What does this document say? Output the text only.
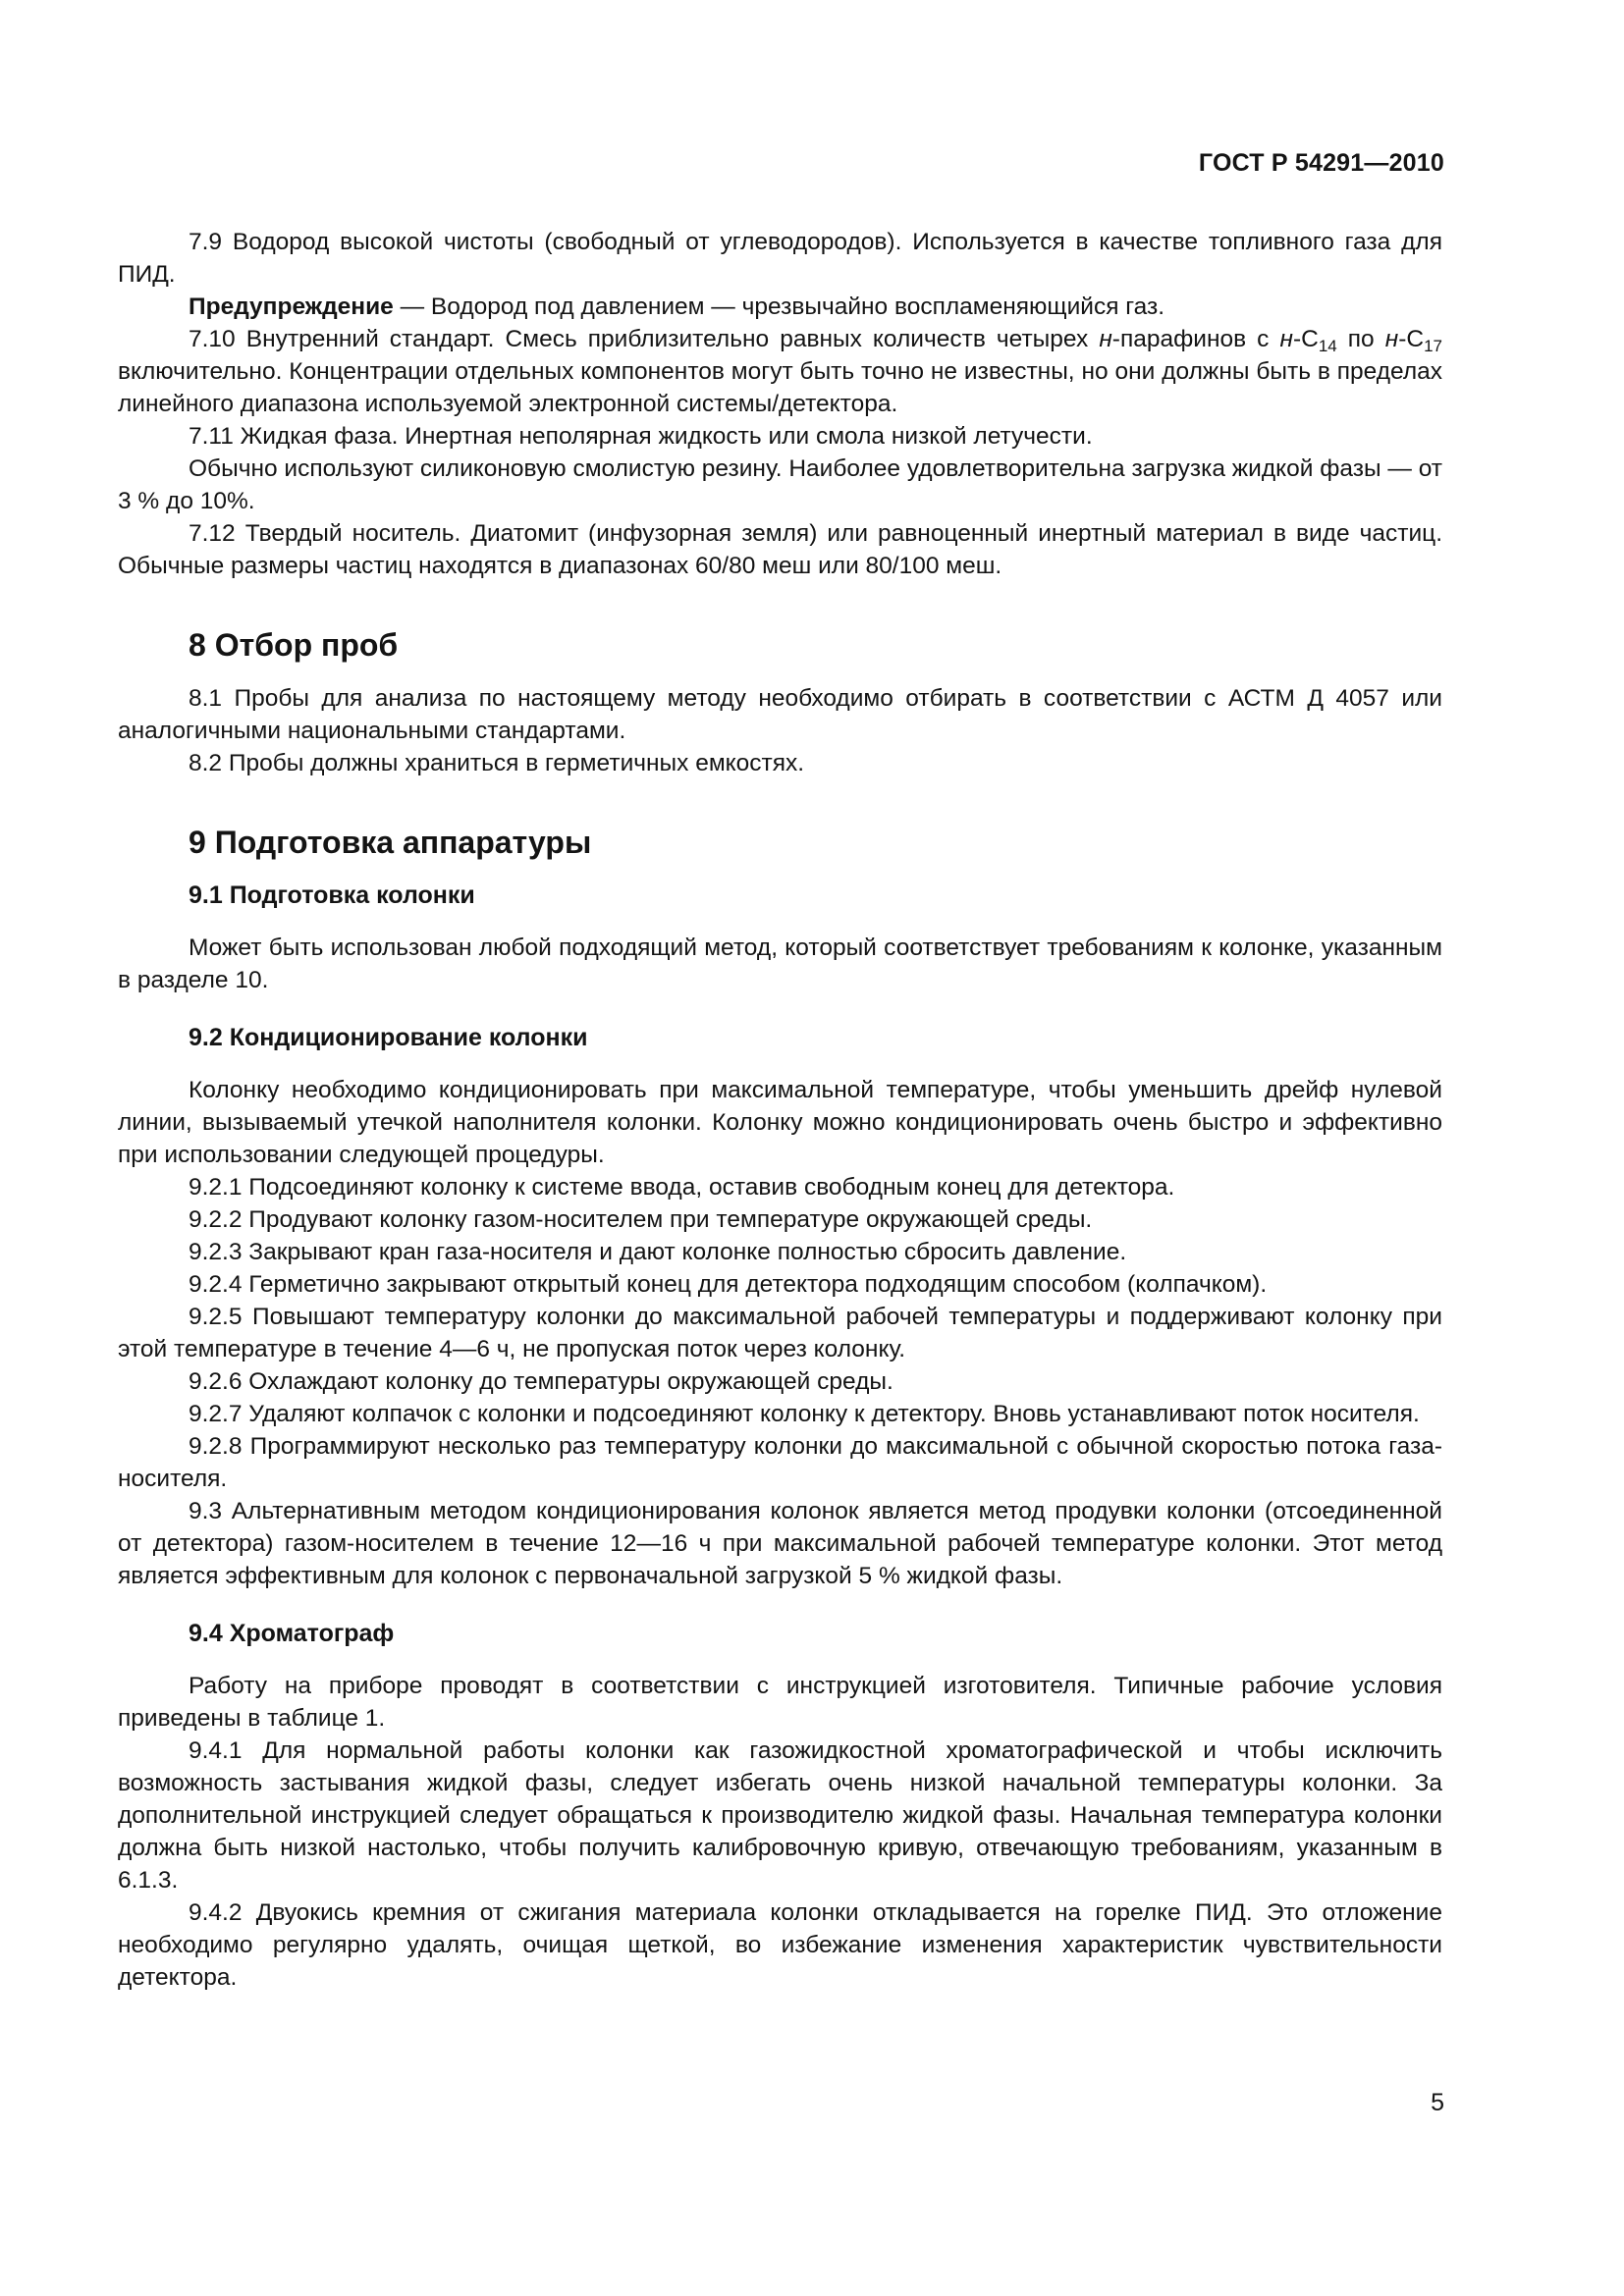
ГОСТ Р 54291—2010

7.9 Водород высокой чистоты (свободный от углеводородов). Используется в качестве топливного газа для ПИД.

Предупреждение — Водород под давлением — чрезвычайно воспламеняющийся газ.

7.10 Внутренний стандарт. Смесь приблизительно равных количеств четырех н-парафинов с $н-С_{14}$ по $н-С_{17}$ включительно. Концентрации отдельных компонентов могут быть точно не известны, но они должны быть в пределах линейного диапазона используемой электронной системы/детектора.

7.11 Жидкая фаза. Инертная неполярная жидкость или смола низкой летучести.

Обычно используют силиконовую смолистую резину. Наиболее удовлетворительна загрузка жидкой фазы — от 3 % до 10%.

7.12 Твердый носитель. Диатомит (инфузорная земля) или равноценный инертный материал в виде частиц. Обычные размеры частиц находятся в диапазонах 60/80 меш или 80/100 меш.

8 Отбор проб

8.1 Пробы для анализа по настоящему методу необходимо отбирать в соответствии с АСТМ Д 4057 или аналогичными национальными стандартами.

8.2 Пробы должны храниться в герметичных емкостях.

9 Подготовка аппаратуры
9.1 Подготовка колонки

Может быть использован любой подходящий метод, который соответствует требованиям к колонке, указанным в разделе 10.

9.2 Кондиционирование колонки

Колонку необходимо кондиционировать при максимальной температуре, чтобы уменьшить дрейф нулевой линии, вызываемый утечкой наполнителя колонки. Колонку можно кондиционировать очень быстро и эффективно при использовании следующей процедуры.

9.2.1 Подсоединяют колонку к системе ввода, оставив свободным конец для детектора.

9.2.2 Продувают колонку газом-носителем при температуре окружающей среды.

9.2.3 Закрывают кран газа-носителя и дают колонке полностью сбросить давление.

9.2.4 Герметично закрывают открытый конец для детектора подходящим способом (колпачком).

9.2.5 Повышают температуру колонки до максимальной рабочей температуры и поддерживают колонку при этой температуре в течение 4—6 ч, не пропуская поток через колонку.

9.2.6 Охлаждают колонку до температуры окружающей среды.

9.2.7 Удаляют колпачок с колонки и подсоединяют колонку к детектору. Вновь устанавливают поток носителя.

9.2.8 Программируют несколько раз температуру колонки до максимальной с обычной скоростью потока газа-носителя.

9.3 Альтернативным методом кондиционирования колонок является метод продувки колонки (отсоединенной от детектора) газом-носителем в течение 12—16 ч при максимальной рабочей температуре колонки. Этот метод является эффективным для колонок с первоначальной загрузкой 5 % жидкой фазы.

9.4 Хроматограф

Работу на приборе проводят в соответствии с инструкцией изготовителя. Типичные рабочие условия приведены в таблице 1.

9.4.1 Для нормальной работы колонки как газожидкостной хроматографической и чтобы исключить возможность застывания жидкой фазы, следует избегать очень низкой начальной температуры колонки. За дополнительной инструкцией следует обращаться к производителю жидкой фазы. Начальная температура колонки должна быть низкой настолько, чтобы получить калибровочную кривую, отвечающую требованиям, указанным в 6.1.3.

9.4.2 Двуокись кремния от сжигания материала колонки откладывается на горелке ПИД. Это отложение необходимо регулярно удалять, очищая щеткой, во избежание изменения характеристик чувствительности детектора.

5
